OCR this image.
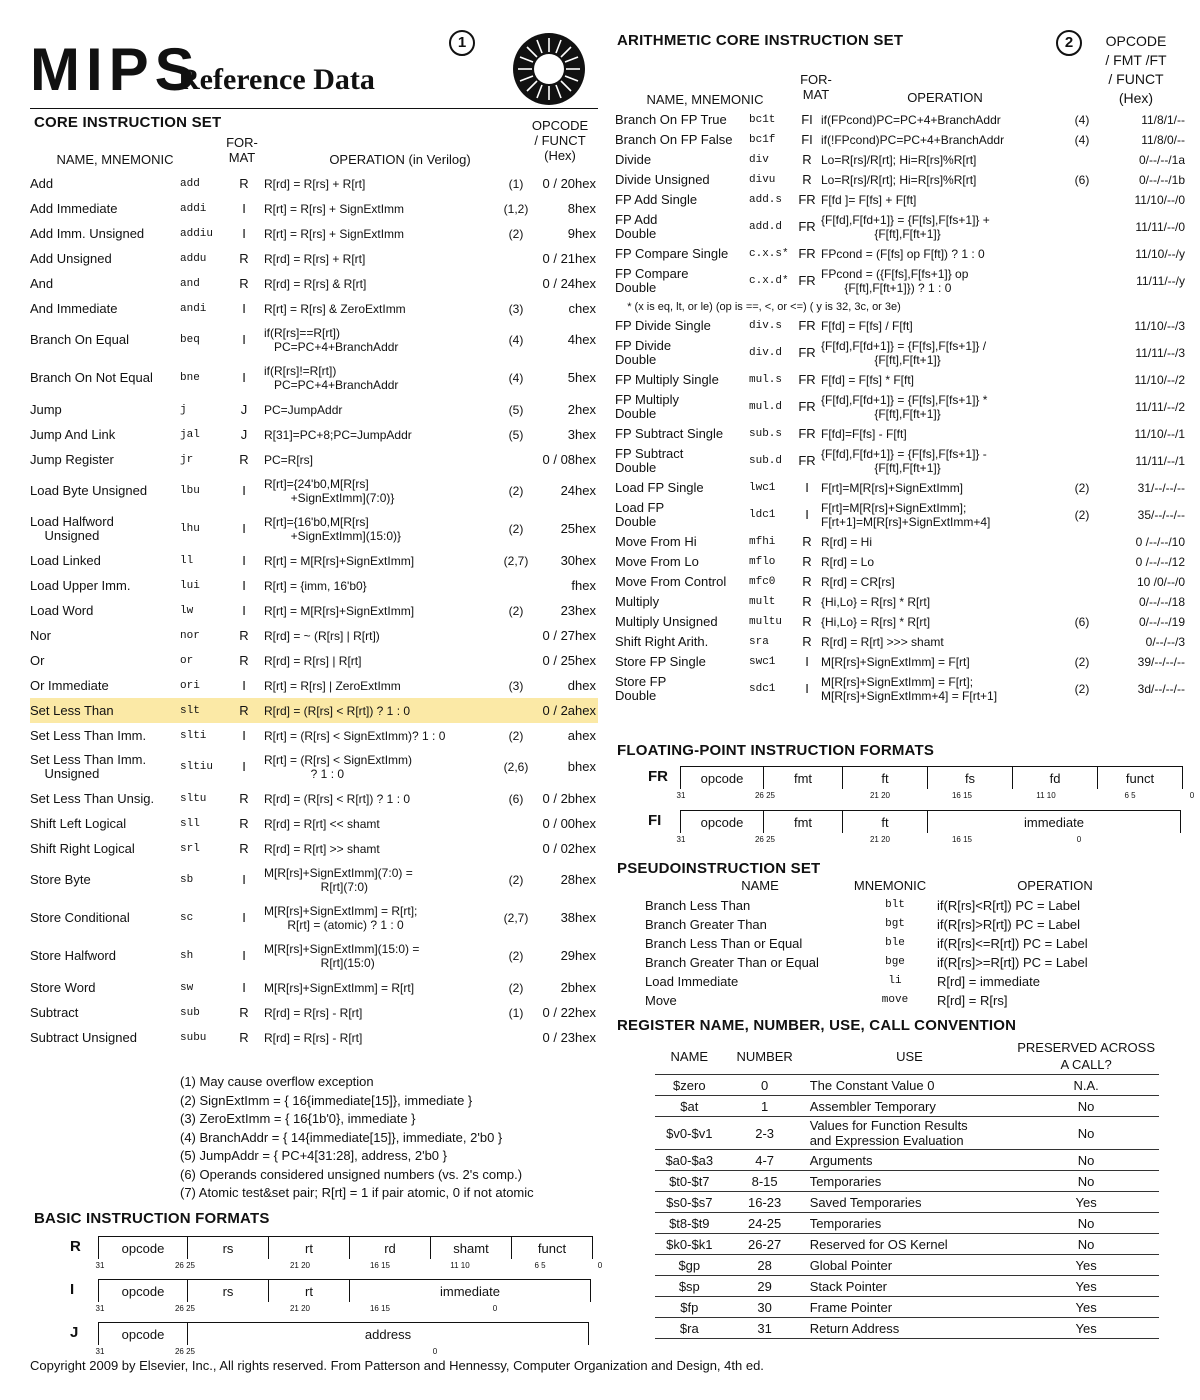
MIPS
Reference Data
1
CORE INSTRUCTION SET
NAME, MNEMONIC
FOR-
MAT	OPERATION (in Verilog)
OPCODE
/ FUNCT
(Hex)
Add	add	R	R[rd] = R[rs] + R[rt]	(1)	0 / 20hex
Add Immediate	addi	I	R[rt] = R[rs] + SignExtImm	(1,2)	8hex
Add Imm. Unsigned	addiu	I	R[rt] = R[rs] + SignExtImm	(2)	9hex
Add Unsigned	addu	R	R[rd] = R[rs] + R[rt]	0 / 21hex
And	and	R	R[rd] = R[rs] & R[rt]	0 / 24hex
And Immediate	andi	I	R[rt] = R[rs] & ZeroExtImm	(3)	chex
Branch On Equal	beq	I	if(R[rs]==R[rt])
PC=PC+4+BranchAddr	(4)	4hex
Branch On Not Equal	bne	I	if(R[rs]!=R[rt])
PC=PC+4+BranchAddr	(4)	5hex
Jump	j	J	PC=JumpAddr	(5)	2hex
Jump And Link	jal	J	R[31]=PC+8;PC=JumpAddr	(5)	3hex
Jump Register	jr	R	PC=R[rs]	0 / 08hex
Load Byte Unsigned	lbu	I	R[rt]={24'b0,M[R[rs]
+SignExtImm](7:0)}	(2)	24hex
Load Halfword
Unsigned	lhu	I	R[rt]={16'b0,M[R[rs]
+SignExtImm](15:0)}	(2)	25hex
Load Linked	ll	I	R[rt] = M[R[rs]+SignExtImm]	(2,7)	30hex
Load Upper Imm.	lui	I	R[rt] = {imm, 16'b0}	fhex
Load Word	lw	I	R[rt] = M[R[rs]+SignExtImm]	(2)	23hex
Nor	nor	R	R[rd] = ~ (R[rs] | R[rt])	0 / 27hex
Or	or	R	R[rd] = R[rs] | R[rt]	0 / 25hex
Or Immediate	ori	I	R[rt] = R[rs] | ZeroExtImm	(3)	dhex
Set Less Than	slt	R	R[rd] = (R[rs] < R[rt]) ? 1 : 0	0 / 2ahex
Set Less Than Imm.	slti	I	R[rt] = (R[rs] < SignExtImm)? 1 : 0	(2)	ahex
Set Less Than Imm.
Unsigned	sltiu	I	R[rt] = (R[rs] < SignExtImm)
? 1 : 0	(2,6)	bhex
Set Less Than Unsig.	sltu	R	R[rd] = (R[rs] < R[rt]) ? 1 : 0	(6)	0 / 2bhex
Shift Left Logical	sll	R	R[rd] = R[rt] << shamt	0 / 00hex
Shift Right Logical	srl	R	R[rd] = R[rt] >> shamt	0 / 02hex
Store Byte	sb	I	M[R[rs]+SignExtImm](7:0) =
R[rt](7:0)	(2)	28hex
Store Conditional	sc	I	M[R[rs]+SignExtImm] = R[rt];
R[rt] = (atomic) ? 1 : 0	(2,7)	38hex
Store Halfword	sh	I	M[R[rs]+SignExtImm](15:0) =
R[rt](15:0)	(2)	29hex
Store Word	sw	I	M[R[rs]+SignExtImm] = R[rt]	(2)	2bhex
Subtract	sub	R	R[rd] = R[rs] - R[rt]	(1)	0 / 22hex
Subtract Unsigned	subu	R	R[rd] = R[rs] - R[rt]	0 / 23hex
(1) May cause overflow exception
(2) SignExtImm = { 16{immediate[15]}, immediate }
(3) ZeroExtImm = { 16{1b'0}, immediate }
(4) BranchAddr = { 14{immediate[15]}, immediate, 2'b0 }
(5) JumpAddr = { PC+4[31:28], address, 2'b0 }
(6) Operands considered unsigned numbers (vs. 2's comp.)
(7) Atomic test&set pair; R[rt] = 1 if pair atomic, 0 if not atomic
BASIC INSTRUCTION FORMATS
R	opcode	rs	rt	rd	shamt	funct
31	26 25	21 20	16 15	11 10	6 5	0
I	opcode	rs	rt	immediate
31	26 25	21 20	16 15	0
J	opcode	address
31	26 25	0
ARITHMETIC CORE INSTRUCTION SET	2	OPCODE
/ FMT /FT
/ FUNCT
(Hex)
NAME, MNEMONIC
FOR-
MAT	OPERATION
Branch On FP True	bc1t	FI if(FPcond)PC=PC+4+BranchAddr	(4)	11/8/1/--
Branch On FP False	bc1f	FI if(!FPcond)PC=PC+4+BranchAddr	(4)	11/8/0/--
Divide	div	R Lo=R[rs]/R[rt]; Hi=R[rs]%R[rt]	0/--/--/1a
Divide Unsigned	divu	R Lo=R[rs]/R[rt]; Hi=R[rs]%R[rt]	(6)	0/--/--/1b
FP Add Single	add.s	FR F[fd ]= F[fs] + F[ft]	11/10/--/0
FP Add
Double	add.d	FR {F[fd],F[fd+1]} = {F[fs],F[fs+1]} +
{F[ft],F[ft+1]}	11/11/--/0
FP Compare Single	c.x.s* FR FPcond = (F[fs] op F[ft]) ? 1 : 0	11/10/--/y
FP Compare
Double	c.x.d* FR FPcond = ({F[fs],F[fs+1]} op
{F[ft],F[ft+1]}) ? 1 : 0	11/11/--/y
* (x is eq, lt, or le) (op is ==, <, or <=) ( y is 32, 3c, or 3e)
FP Divide Single	div.s	FR F[fd] = F[fs] / F[ft]	11/10/--/3
FP Divide
Double	div.d	FR {F[fd],F[fd+1]} = {F[fs],F[fs+1]} /
{F[ft],F[ft+1]}	11/11/--/3
FP Multiply Single	mul.s	FR F[fd] = F[fs] * F[ft]	11/10/--/2
FP Multiply
Double	mul.d	FR {F[fd],F[fd+1]} = {F[fs],F[fs+1]} *
{F[ft],F[ft+1]}	11/11/--/2
FP Subtract Single	sub.s	FR F[fd]=F[fs] - F[ft]	11/10/--/1
FP Subtract
Double	sub.d	FR {F[fd],F[fd+1]} = {F[fs],F[fs+1]} -
{F[ft],F[ft+1]}	11/11/--/1
Load FP Single	lwc1	I	F[rt]=M[R[rs]+SignExtImm]	(2)	31/--/--/--
Load FP
Double	ldc1	I	F[rt]=M[R[rs]+SignExtImm];
F[rt+1]=M[R[rs]+SignExtImm+4]	(2)	35/--/--/--
Move From Hi	mfhi	R R[rd] = Hi	0 /--/--/10
Move From Lo	mflo	R R[rd] = Lo	0 /--/--/12
Move From Control	mfc0	R R[rd] = CR[rs]	10 /0/--/0
Multiply	mult	R {Hi,Lo} = R[rs] * R[rt]	0/--/--/18
Multiply Unsigned	multu	R {Hi,Lo} = R[rs] * R[rt]	(6)	0/--/--/19
Shift Right Arith.	sra	R R[rd] = R[rt] >>> shamt	0/--/--/3
Store FP Single	swc1	I	M[R[rs]+SignExtImm] = F[rt]	(2)	39/--/--/--
Store FP
Double	sdc1	I	M[R[rs]+SignExtImm] = F[rt];
M[R[rs]+SignExtImm+4] = F[rt+1]	(2)	3d/--/--/--
FLOATING-POINT INSTRUCTION FORMATS
FR	opcode	fmt	ft	fs	fd	funct
31	26 25	21 20	16 15	11 10	6 5	0
FI	opcode	fmt	ft	immediate
31	26 25	21 20	16 15	0
PSEUDOINSTRUCTION SET
NAME	MNEMONIC	OPERATION
Branch Less Than	blt	if(R[rs]<R[rt]) PC = Label
Branch Greater Than	bgt	if(R[rs]>R[rt]) PC = Label
Branch Less Than or Equal	ble	if(R[rs]<=R[rt]) PC = Label
Branch Greater Than or Equal	bge	if(R[rs]>=R[rt]) PC = Label
Load Immediate	li	R[rd] = immediate
Move	move	R[rd] = R[rs]
REGISTER NAME, NUMBER, USE, CALL CONVENTION
NAME	NUMBER	USE	PRESERVED ACROSS
A CALL?
$zero	0	The Constant Value 0	N.A.
$at	1	Assembler Temporary	No
$v0-$v1	2-3	Values for Function Results
and Expression Evaluation	No
$a0-$a3	4-7	Arguments	No
$t0-$t7	8-15	Temporaries	No
$s0-$s7	16-23	Saved Temporaries	Yes
$t8-$t9	24-25	Temporaries	No
$k0-$k1	26-27	Reserved for OS Kernel	No
$gp	28	Global Pointer	Yes
$sp	29	Stack Pointer	Yes
$fp	30	Frame Pointer	Yes
$ra	31	Return Address	Yes
Copyright 2009 by Elsevier, Inc., All rights reserved. From Patterson and Hennessy, Computer Organization and Design, 4th ed.
